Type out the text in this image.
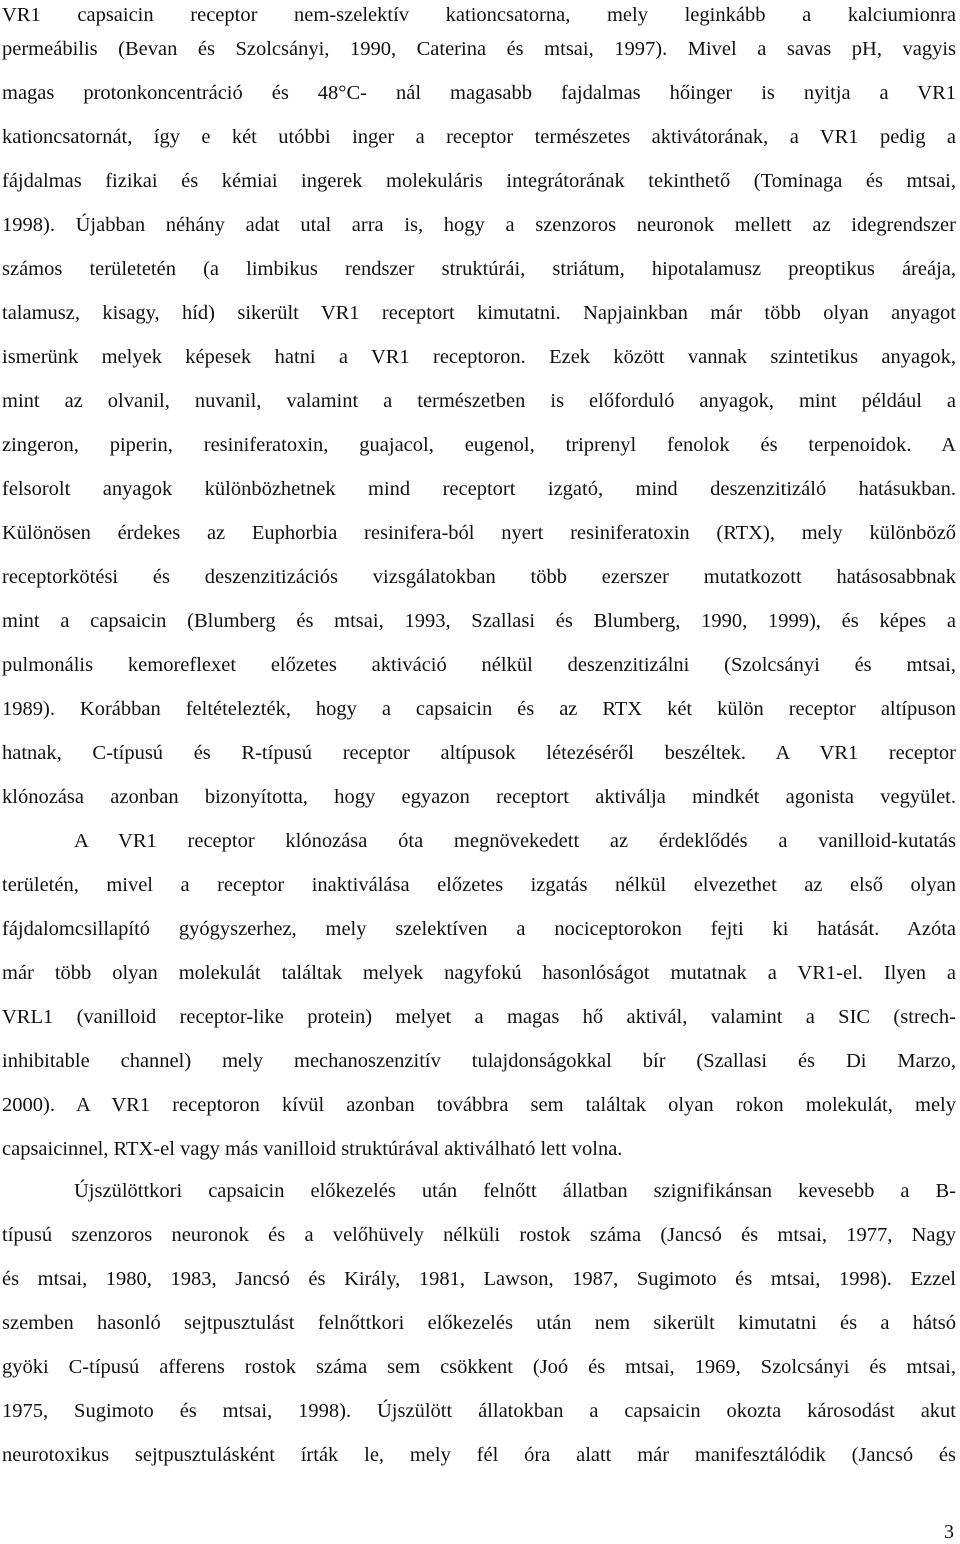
VR1 capsaicin receptor nem-szelektív kationcsatorna, mely leginkább a kalciumionra
permeábilis (Bevan és Szolcsányi, 1990, Caterina és mtsai, 1997). Mivel a savas pH, vagyis
magas protonkoncentráció és 48°C- nál magasabb fajdalmas hőinger is nyitja a VR1
kationcsatornát, így e két utóbbi inger a receptor természetes aktivátorának, a VR1 pedig a
fájdalmas fizikai és kémiai ingerek molekuláris integrátorának tekinthető (Tominaga és mtsai,
1998). Újabban néhány adat utal arra is, hogy a szenzoros neuronok mellett az idegrendszer
számos területetén (a limbikus rendszer struktúrái, striátum, hipotalamusz preoptikus áreája,
talamusz, kisagy, híd) sikerült VR1 receptort kimutatni. Napjainkban már több olyan anyagot
ismerünk melyek képesek hatni a VR1 receptoron. Ezek között vannak szintetikus anyagok,
mint az olvanil, nuvanil, valamint a természetben is előforduló anyagok, mint például a
zingeron, piperin, resiniferatoxin, guajacol, eugenol, triprenyl fenolok és terpenoidok. A
felsorolt anyagok különbözhetnek mind receptort izgató, mind deszenzitizáló hatásukban.
Különösen érdekes az Euphorbia resinifera-ból nyert resiniferatoxin (RTX), mely különböző
receptorkötési és deszenzitizációs vizsgálatokban több ezerszer mutatkozott hatásosabbnak
mint a capsaicin (Blumberg és mtsai, 1993, Szallasi és Blumberg, 1990, 1999), és képes a
pulmonális kemoreflexet előzetes aktiváció nélkül deszenzitizálni (Szolcsányi és mtsai,
1989). Korábban feltételezték, hogy a capsaicin és az RTX két külön receptor altípuson
hatnak, C-típusú és R-típusú receptor altípusok létezéséről beszéltek. A VR1 receptor
klónozása azonban bizonyította, hogy egyazon receptort aktiválja mindkét agonista vegyület.
A VR1 receptor klónozása óta megnövekedett az érdeklődés a vanilloid-kutatás
területén, mivel a receptor inaktiválása előzetes izgatás nélkül elvezethet az első olyan
fájdalomcsillapító gyógyszerhez, mely szelektíven a nociceptorokon fejti ki hatását. Azóta
már több olyan molekulát találtak melyek nagyfokú hasonlóságot mutatnak a VR1-el. Ilyen a
VRL1 (vanilloid receptor-like protein) melyet a magas hő aktivál, valamint a SIC (strech-
inhibitable channel) mely mechanoszenzitív tulajdonságokkal bír (Szallasi és Di Marzo,
2000). A VR1 receptoron kívül azonban továbbra sem találtak olyan rokon molekulát, mely
capsaicinnel, RTX-el vagy más vanilloid struktúrával aktiválható lett volna.
Újszülöttkori capsaicin előkezelés után felnőtt állatban szignifikánsan kevesebb a B-
típusú szenzoros neuronok és a velőhüvely nélküli rostok száma (Jancsó és mtsai, 1977, Nagy
és mtsai, 1980, 1983, Jancsó és Király, 1981, Lawson, 1987, Sugimoto és mtsai, 1998). Ezzel
szemben hasonló sejtpusztulást felnőttkori előkezelés után nem sikerült kimutatni és a hátsó
gyöki C-típusú afferens rostok száma sem csökkent (Joó és mtsai, 1969, Szolcsányi és mtsai,
1975, Sugimoto és mtsai, 1998). Újszülött állatokban a capsaicin okozta károsodást akut
neurotoxikus sejtpusztulásként írták le, mely fél óra alatt már manifesztálódik (Jancsó és
3
